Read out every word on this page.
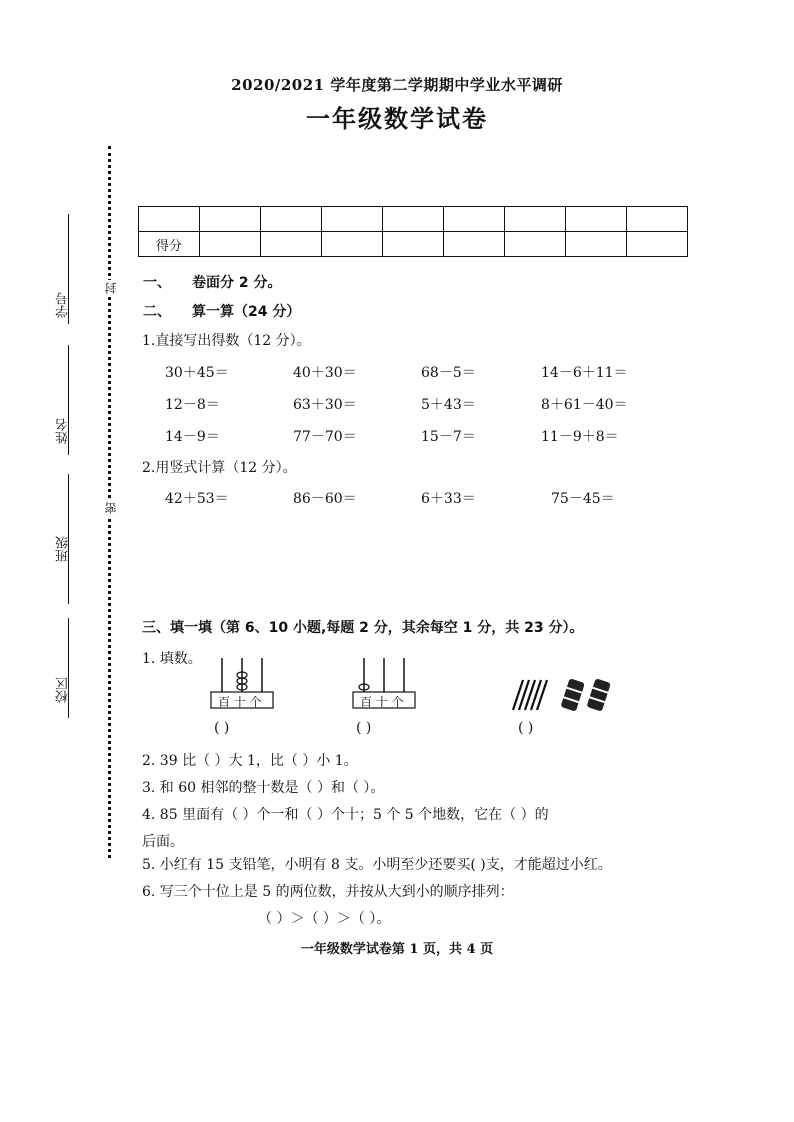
2020/2021 学年度第二学期期中学业水平调研
一年级数学试卷
封
密
学号
姓名
班级
校区

得分								
一、 卷面分 2 分。
二、 算一算（24 分）
1.直接写出得数（12 分）。
30＋45＝	40＋30＝	68－5＝	14－6＋11＝
12－8＝	63＋30＝	5＋43＝	8＋61－40＝
14－9＝	77－70＝	15－7＝	11－9＋8＝
2.用竖式计算（12 分）。
42＋53＝	86－60＝	6＋33＝	75－45＝
三、填一填（第 6、10 小题,每题 2 分，其余每空 1 分，共 23 分）。
1. 填数。
百 十 个
( )
百 十 个
( )	( )
2. 39 比（ ）大 1，比（ ）小 1。
3. 和 60 相邻的整十数是（ ）和（ ）。
4. 85 里面有（ ）个一和（ ）个十；5 个 5 个地数，它在（ ）的
后面。
5. 小红有 15 支铅笔，小明有 8 支。小明至少还要买( )支，才能超过小红。
6. 写三个十位上是 5 的两位数，并按从大到小的顺序排列：
（ ）＞（ ）＞（ ）。
一年级数学试卷第 1 页，共 4 页
